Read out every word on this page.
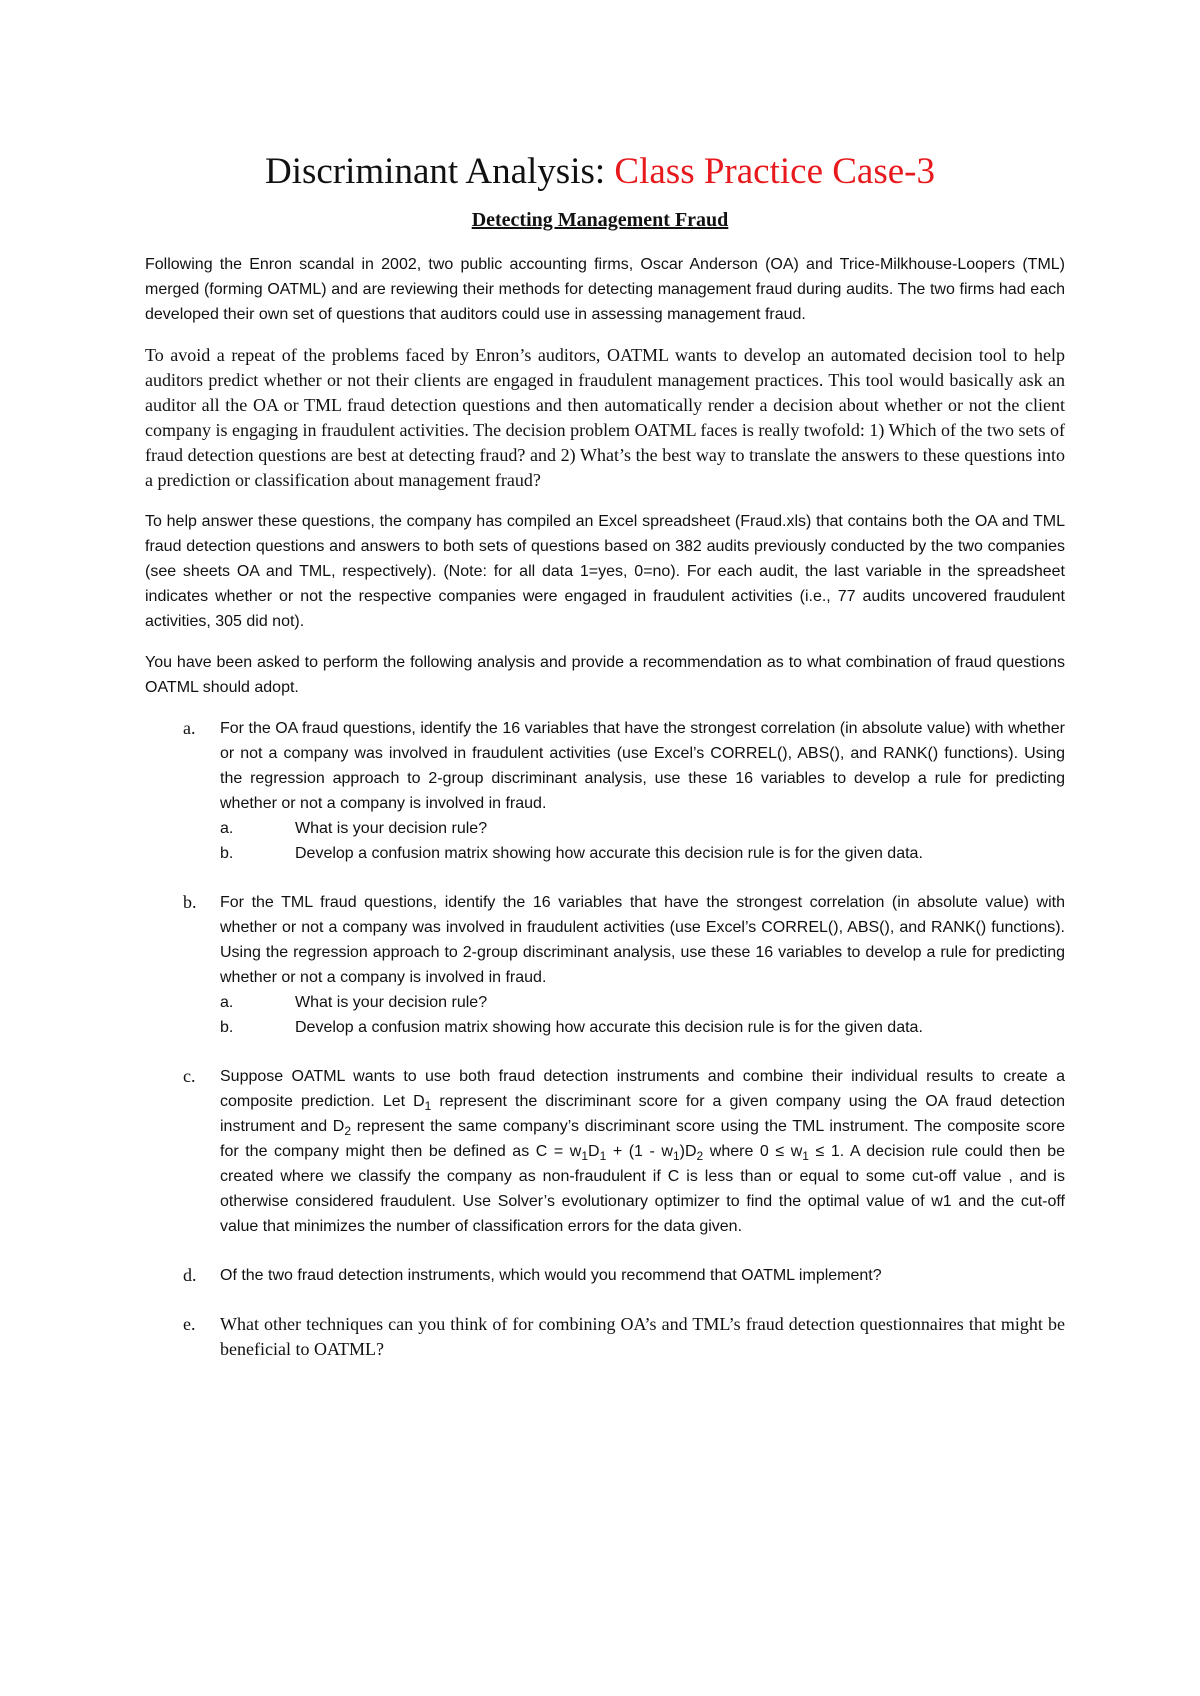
Discriminant Analysis: Class Practice Case-3
Detecting Management Fraud

Following the Enron scandal in 2002, two public accounting firms, Oscar Anderson (OA) and Trice-Milkhouse-Loopers (TML) merged (forming OATML) and are reviewing their methods for detecting management fraud during audits. The two firms had each developed their own set of questions that auditors could use in assessing management fraud.

To avoid a repeat of the problems faced by Enron’s auditors, OATML wants to develop an automated decision tool to help auditors predict whether or not their clients are engaged in fraudulent management practices. This tool would basically ask an auditor all the OA or TML fraud detection questions and then automatically render a decision about whether or not the client company is engaging in fraudulent activities. The decision problem OATML faces is really twofold: 1) Which of the two sets of fraud detection questions are best at detecting fraud? and 2) What’s the best way to translate the answers to these questions into a prediction or classification about management fraud?

To help answer these questions, the company has compiled an Excel spreadsheet (Fraud.xls) that contains both the OA and TML fraud detection questions and answers to both sets of questions based on 382 audits previously conducted by the two companies (see sheets OA and TML, respectively). (Note: for all data 1=yes, 0=no). For each audit, the last variable in the spreadsheet indicates whether or not the respective companies were engaged in fraudulent activities (i.e., 77 audits uncovered fraudulent activities, 305 did not).

You have been asked to perform the following analysis and provide a recommendation as to what combination of fraud questions OATML should adopt.

a. For the OA fraud questions, identify the 16 variables that have the strongest correlation (in absolute value) with whether or not a company was involved in fraudulent activities (use Excel’s CORREL(), ABS(), and RANK() functions). Using the regression approach to 2-group discriminant analysis, use these 16 variables to develop a rule for predicting whether or not a company is involved in fraud.
a.	What is your decision rule?
b.	Develop a confusion matrix showing how accurate this decision rule is for the given data.
b. For the TML fraud questions, identify the 16 variables that have the strongest correlation (in absolute value) with whether or not a company was involved in fraudulent activities (use Excel’s CORREL(), ABS(), and RANK() functions). Using the regression approach to 2-group discriminant analysis, use these 16 variables to develop a rule for predicting whether or not a company is involved in fraud.
a.	What is your decision rule?
b.	Develop a confusion matrix showing how accurate this decision rule is for the given data.
c. Suppose OATML wants to use both fraud detection instruments and combine their individual results to create a composite prediction. Let $D_1$ represent the discriminant score for a given company using the OA fraud detection instrument and $D_2$ represent the same company’s discriminant score using the TML instrument. The composite score for the company might then be defined as $C = w_1D_1 + (1 - w_1)D_2$ where $0 \le w_1 \le 1$. A decision rule could then be created where we classify the company as non-fraudulent if C is less than or equal to some cut-off value , and is otherwise considered fraudulent. Use Solver’s evolutionary optimizer to find the optimal value of w1 and the cut-off value that minimizes the number of classification errors for the data given.
d. Of the two fraud detection instruments, which would you recommend that OATML implement?
e. What other techniques can you think of for combining OA’s and TML’s fraud detection questionnaires that might be beneficial to OATML?
